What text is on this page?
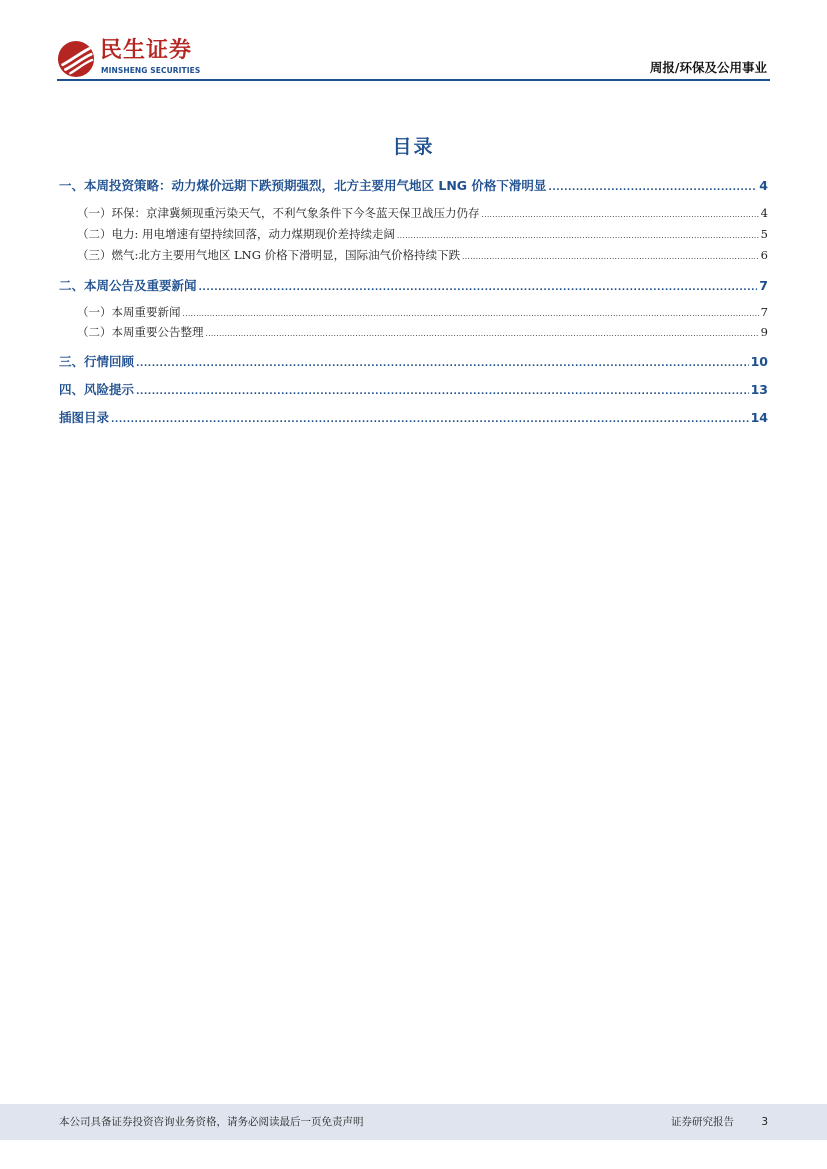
民生证券
MINSHENG SECURITIES	周报/环保及公用事业
目录
一、本周投资策略：动力煤价远期下跌预期强烈，北方主要用气地区 LNG 价格下滑明显 .....	4
（一）环保：京津冀频现重污染天气，不利气象条件下今冬蓝天保卫战压力仍存 .....	4
（二）电力: 用电增速有望持续回落，动力煤期现价差持续走阔 .....	5
（三）燃气:北方主要用气地区 LNG 价格下滑明显，国际油气价格持续下跌 .....	6
二、本周公告及重要新闻 .....	7
（一）本周重要新闻 .....	7
（二）本周重要公告整理 .....	9
三、行情回顾 .....	10
四、风险提示 .....	13
插图目录 .....	14
本公司具备证券投资咨询业务资格，请务必阅读最后一页免责声明	证券研究报告	3
